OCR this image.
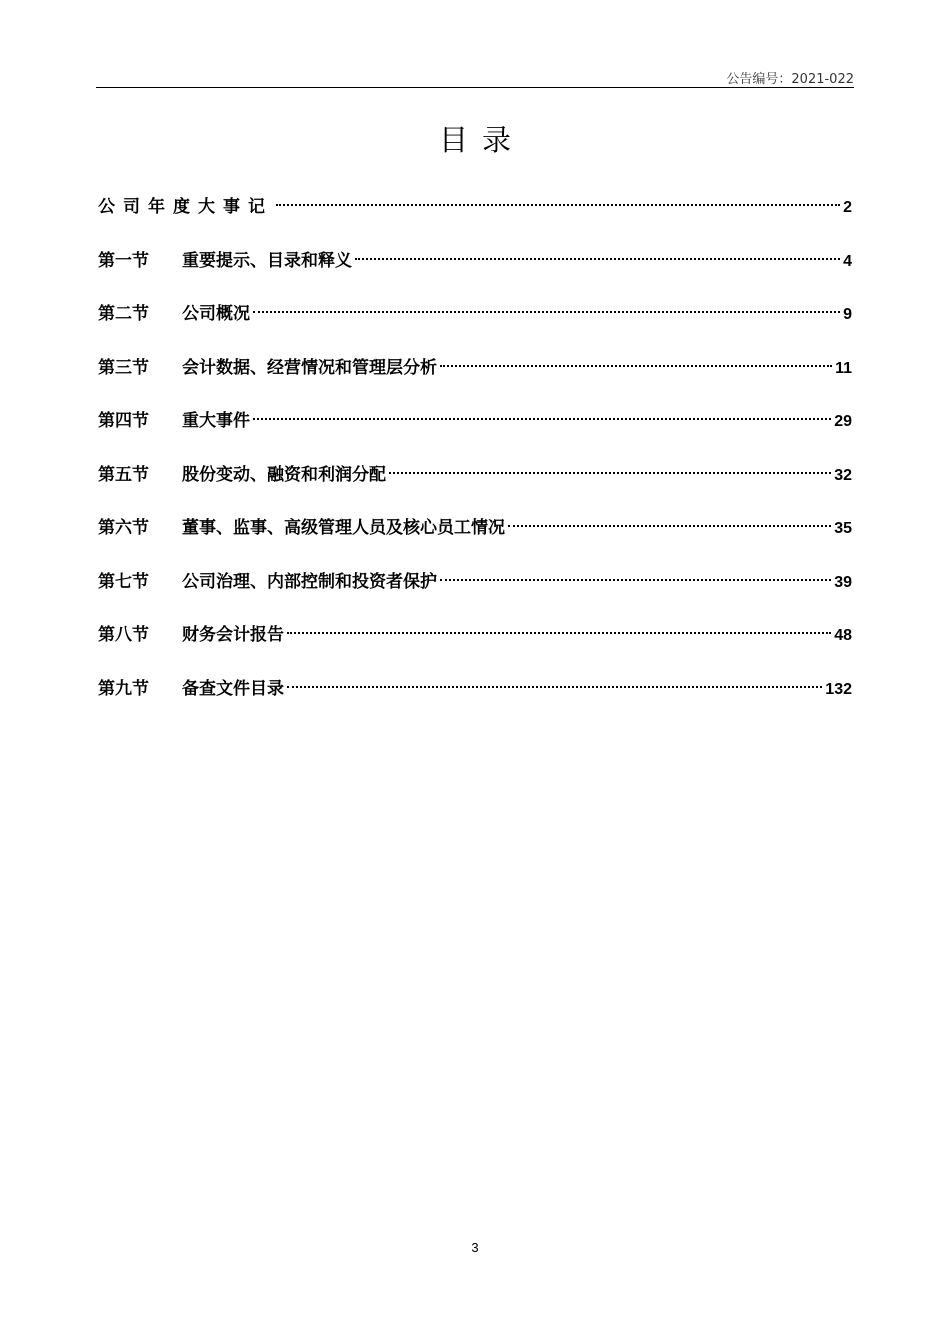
公告编号：2021-022
目录
公司年度大事记	2
第一节	重要提示、目录和释义	4
第二节	公司概况	9
第三节	会计数据、经营情况和管理层分析	11
第四节	重大事件	29
第五节	股份变动、融资和利润分配	32
第六节	董事、监事、高级管理人员及核心员工情况	35
第七节	公司治理、内部控制和投资者保护	39
第八节	财务会计报告	48
第九节	备查文件目录	132
3
